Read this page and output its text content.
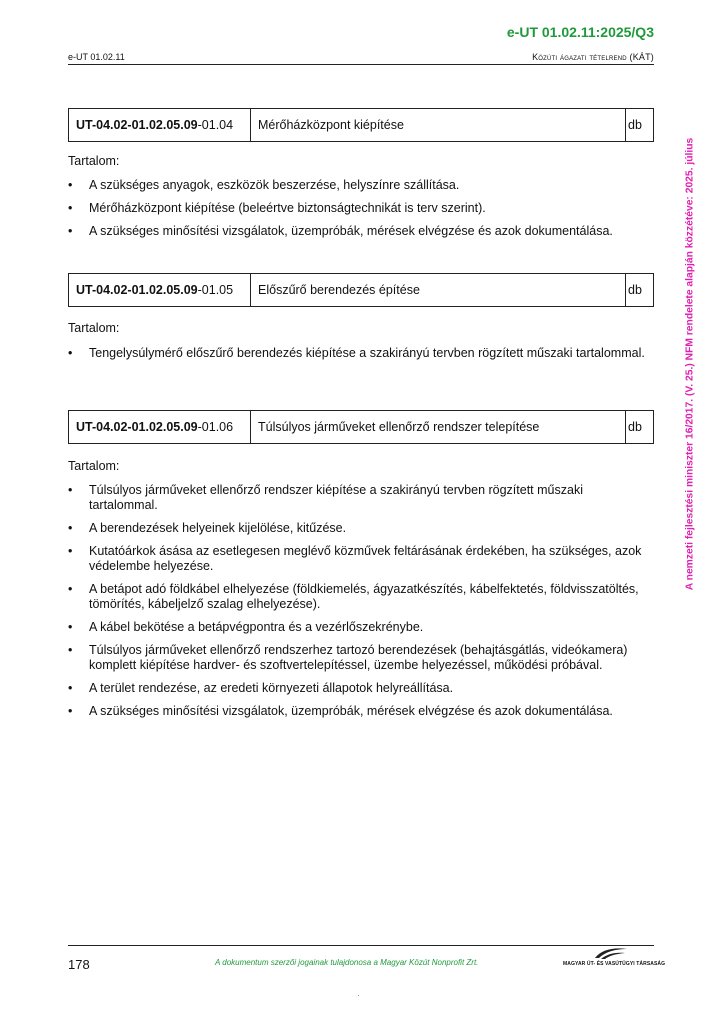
e-UT 01.02.11:2025/Q3
e-UT 01.02.11	Közúti ágazati tételrend (KÁT)
A nemzeti fejlesztési miniszter 16/2017. (V. 25.) NFM rendelete alapján közzétéve: 2025. július
UT-04.02-01.02.05.09 -01.04	Mérőházközpont kiépítése	db
Tartalom:
• A szükséges anyagok, eszközök beszerzése, helyszínre szállítása.
• Mérőházközpont kiépítése (beleértve biztonságtechnikát is terv szerint).
• A szükséges minősítési vizsgálatok, üzempróbák, mérések elvégzése és azok dokumentálása.
UT-04.02-01.02.05.09 -01.05	Előszűrő berendezés építése	db
Tartalom:
• Tengelysúlymérő előszűrő berendezés kiépítése a szakirányú tervben rögzített műszaki tartalommal.
UT-04.02-01.02.05.09 -01.06	Túlsúlyos járműveket ellenőrző rendszer telepítése	db
Tartalom:
• Túlsúlyos járműveket ellenőrző rendszer kiépítése a szakirányú tervben rögzített műszaki tartalommal.
• A berendezések helyeinek kijelölése, kitűzése.
• Kutatóárkok ásása az esetlegesen meglévő közművek feltárásának érdekében, ha szükséges, azok védelembe helyezése.
• A betápot adó földkábel elhelyezése (földkiemelés, ágyazatkészítés, kábelfektetés, földvisszatöltés, tömörítés, kábeljelző szalag elhelyezése).
• A kábel bekötése a betápvégpontra és a vezérlőszekrénybe.
• Túlsúlyos járműveket ellenőrző rendszerhez tartozó berendezések (behajtásgátlás, videókamera) komplett kiépítése hardver- és szoftvertelepítéssel, üzembe helyezéssel, működési próbával.
• A terület rendezése, az eredeti környezeti állapotok helyreállítása.
• A szükséges minősítési vizsgálatok, üzempróbák, mérések elvégzése és azok dokumentálása.
178	A dokumentum szerzői jogainak tulajdonosa a Magyar Közút Nonprofit Zrt.	MAGYAR ÚT- ÉS VASÚTÜGYI TÁRSASÁG
